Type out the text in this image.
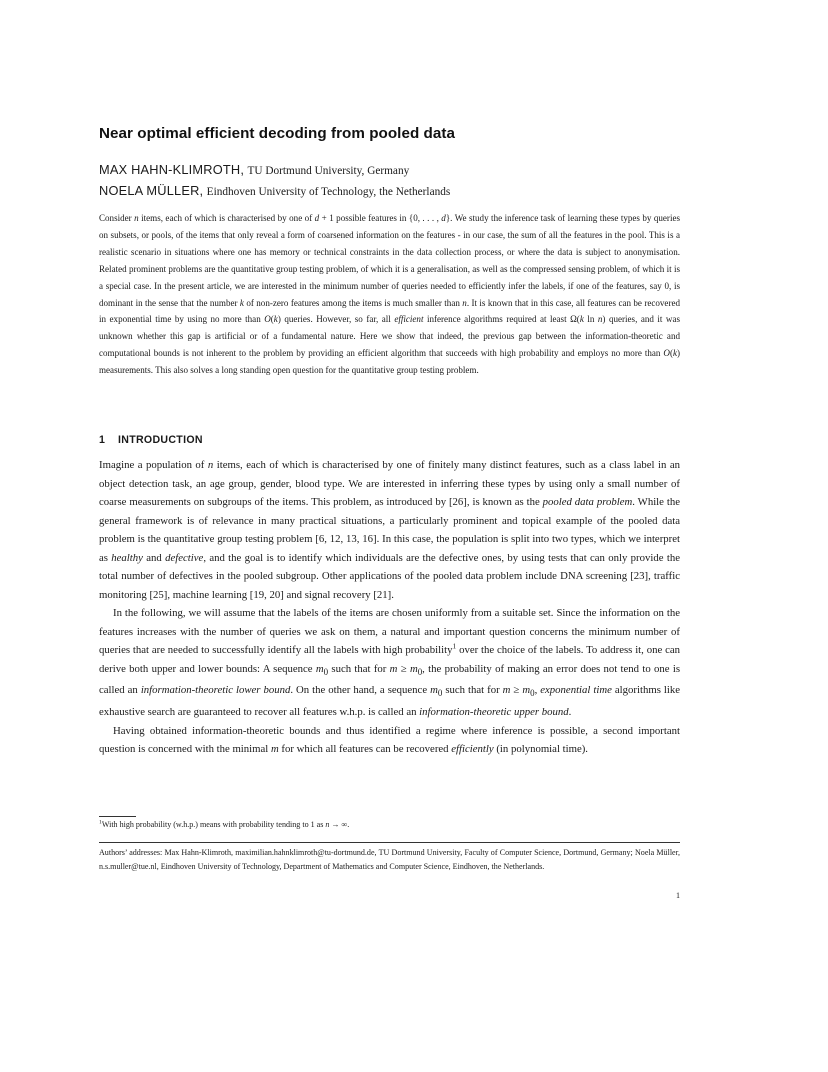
Near optimal efficient decoding from pooled data
MAX HAHN-KLIMROTH, TU Dortmund University, Germany
NOELA MÜLLER, Eindhoven University of Technology, the Netherlands

Consider n items, each of which is characterised by one of d + 1 possible features in {0, . . . , d}. We study the inference task of learning these types by queries on subsets, or pools, of the items that only reveal a form of coarsened information on the features - in our case, the sum of all the features in the pool. This is a realistic scenario in situations where one has memory or technical constraints in the data collection process, or where the data is subject to anonymisation. Related prominent problems are the quantitative group testing problem, of which it is a generalisation, as well as the compressed sensing problem, of which it is a special case. In the present article, we are interested in the minimum number of queries needed to efficiently infer the labels, if one of the features, say 0, is dominant in the sense that the number k of non-zero features among the items is much smaller than n. It is known that in this case, all features can be recovered in exponential time by using no more than O(k) queries. However, so far, all efficient inference algorithms required at least Ω(k ln n) queries, and it was unknown whether this gap is artificial or of a fundamental nature. Here we show that indeed, the previous gap between the information-theoretic and computational bounds is not inherent to the problem by providing an efficient algorithm that succeeds with high probability and employs no more than O(k) measurements. This also solves a long standing open question for the quantitative group testing problem.

1 INTRODUCTION

Imagine a population of n items, each of which is characterised by one of finitely many distinct features, such as a class label in an object detection task, an age group, gender, blood type. We are interested in inferring these types by using only a small number of coarse measurements on subgroups of the items. This problem, as introduced by [26], is known as the pooled data problem. While the general framework is of relevance in many practical situations, a particularly prominent and topical example of the pooled data problem is the quantitative group testing problem [6, 12, 13, 16]. In this case, the population is split into two types, which we interpret as healthy and defective, and the goal is to identify which individuals are the defective ones, by using tests that can only provide the total number of defectives in the pooled subgroup. Other applications of the pooled data problem include DNA screening [23], traffic monitoring [25], machine learning [19, 20] and signal recovery [21].

In the following, we will assume that the labels of the items are chosen uniformly from a suitable set. Since the information on the features increases with the number of queries we ask on them, a natural and important question concerns the minimum number of queries that are needed to successfully identify all the labels with high probability$^1$ over the choice of the labels. To address it, one can derive both upper and lower bounds: A sequence $m_0$ such that for $m \ge m_0$, the probability of making an error does not tend to one is called an information-theoretic lower bound. On the other hand, a sequence $m_0$ such that for $m \ge m_0$, exponential time algorithms like exhaustive search are guaranteed to recover all features w.h.p. is called an information-theoretic upper bound.

Having obtained information-theoretic bounds and thus identified a regime where inference is possible, a second important question is concerned with the minimal m for which all features can be recovered efficiently (in polynomial time).

$^1$With high probability (w.h.p.) means with probability tending to 1 as n → ∞.

Authors’ addresses: Max Hahn-Klimroth, maximilian.hahnklimroth@tu-dortmund.de, TU Dortmund University, Faculty of Computer Science, Dortmund, Germany; Noela Müller, n.s.muller@tue.nl, Eindhoven University of Technology, Department of Mathematics and Computer Science, Eindhoven, the Netherlands.

1
